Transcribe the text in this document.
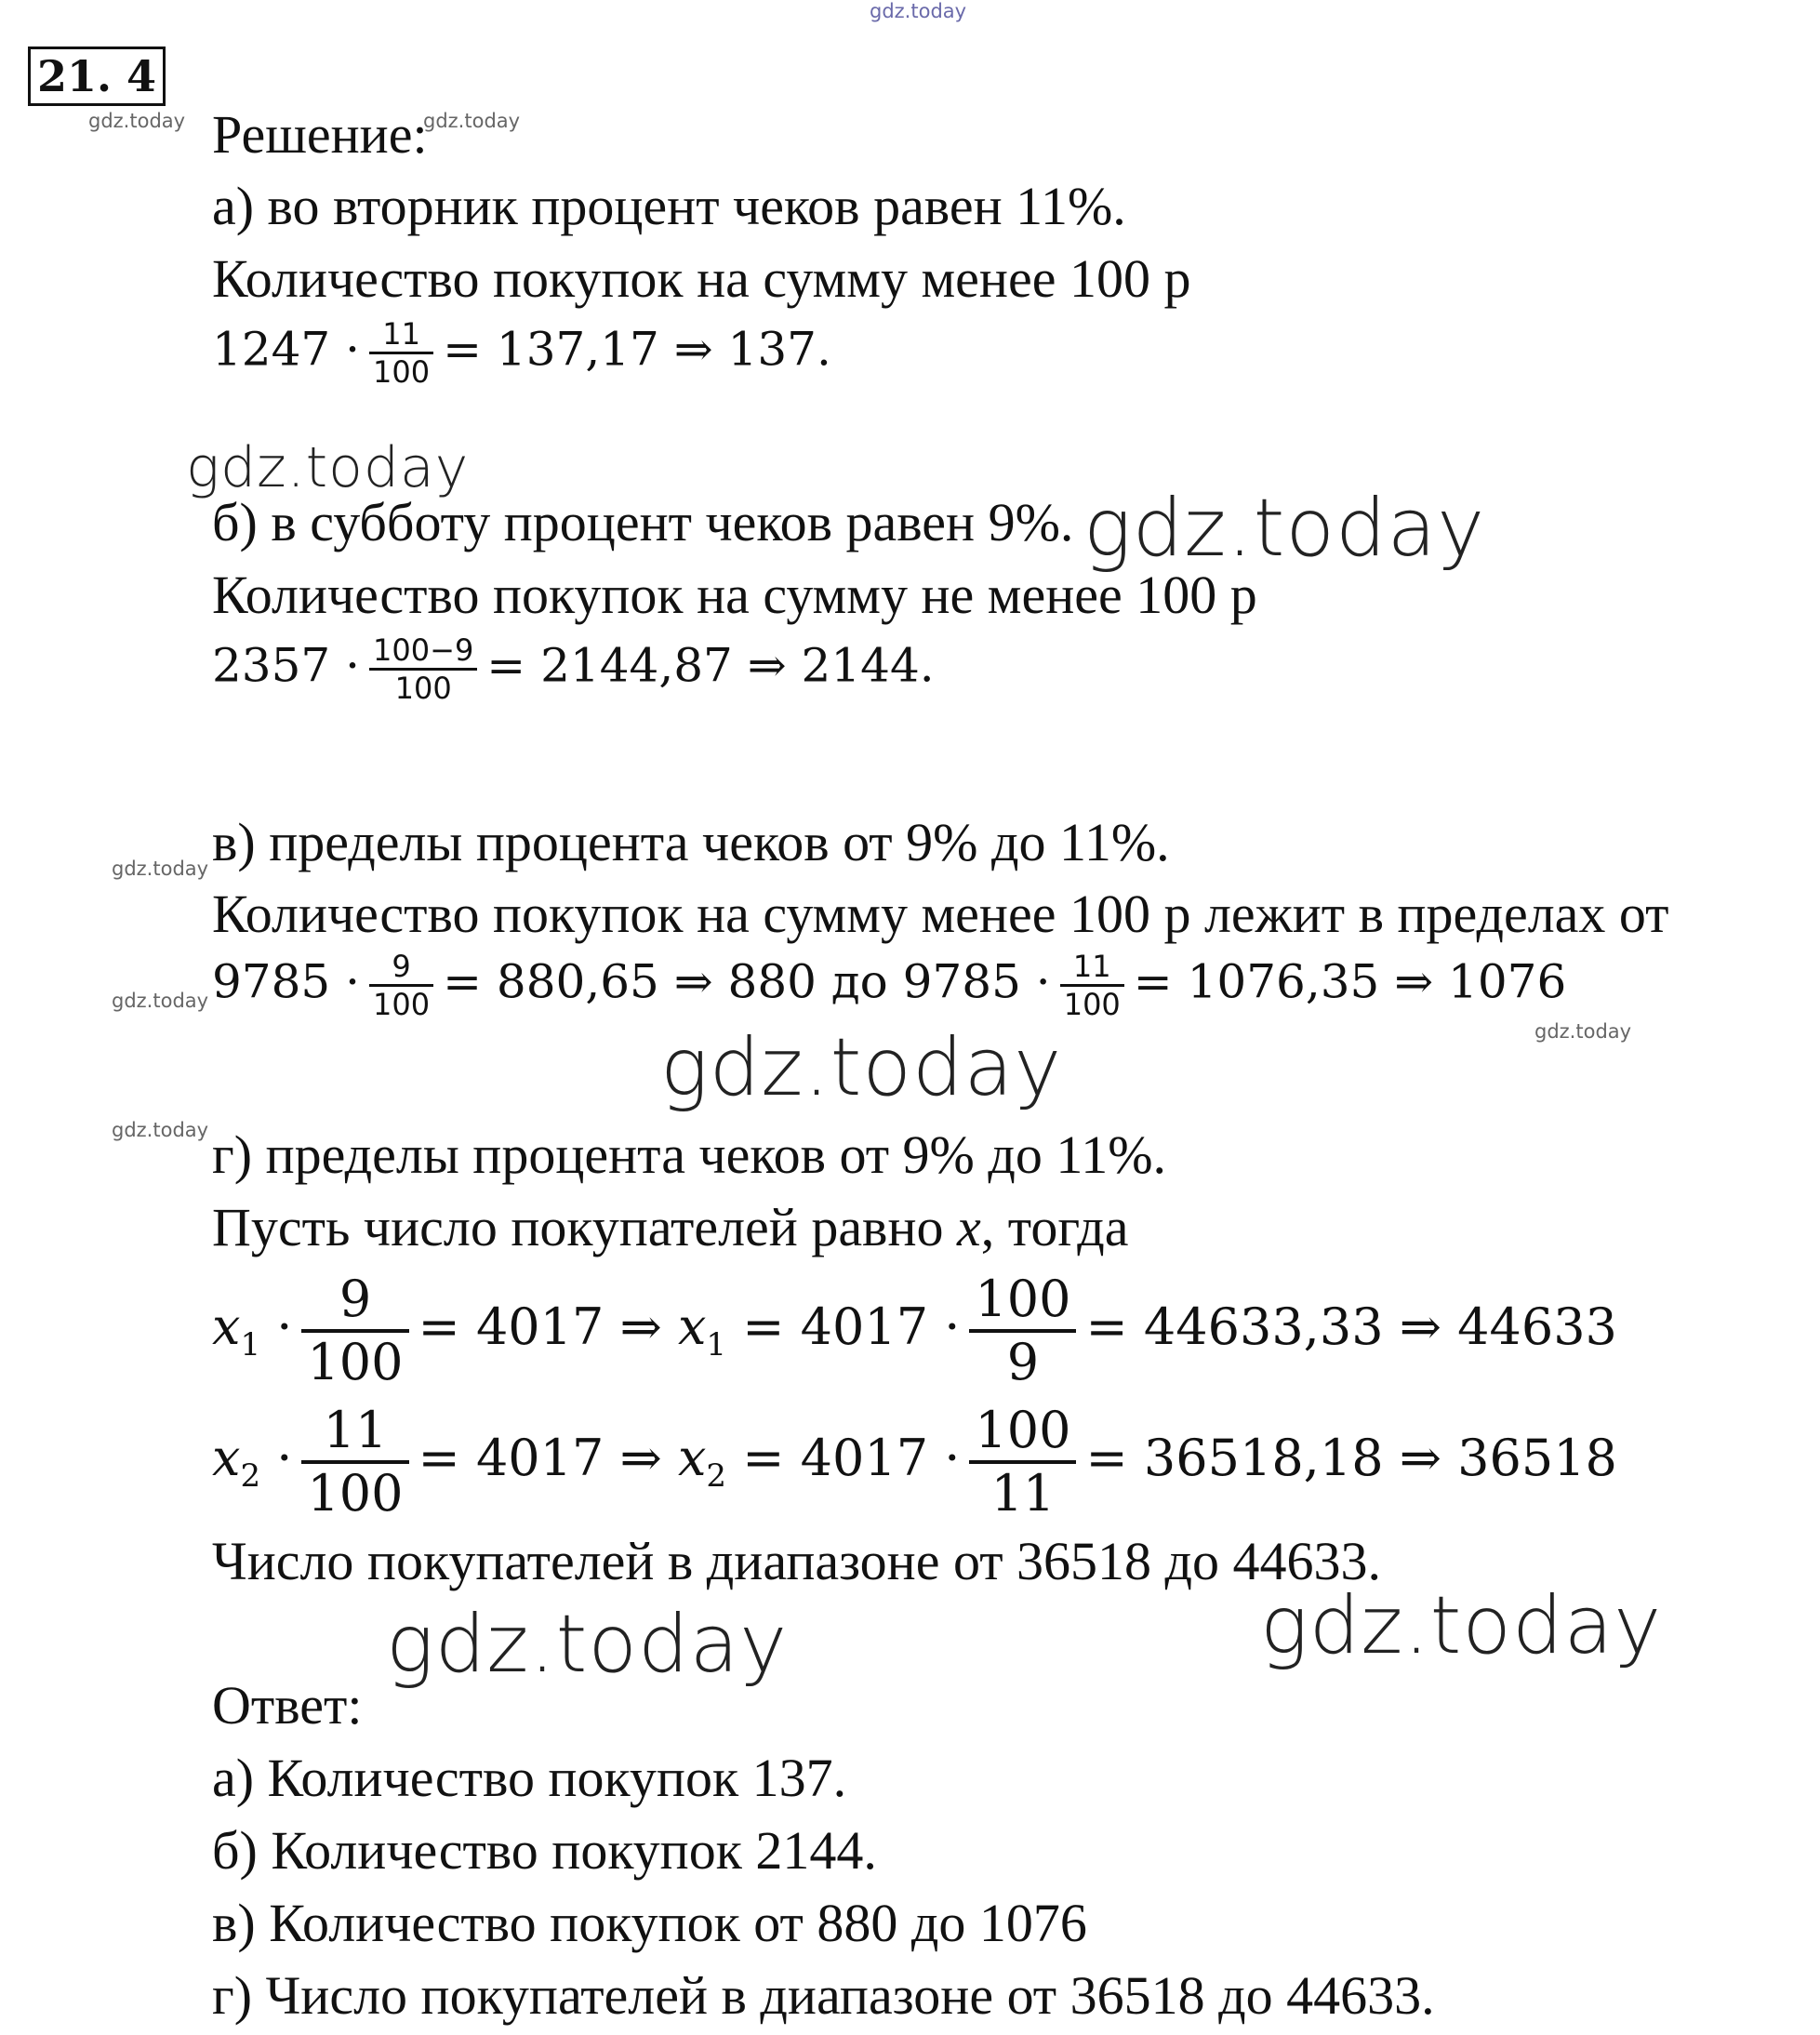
gdz.today
gdz.today	gdz.today
gdz.today
gdz.today
gdz.today
gdz.today
gdz.today
gdz.today
gdz.today
gdz.today	gdz.today
21. 4
Решение:
а) во вторник процент чеков равен 11%.
Количество покупок на сумму менее 100 р
$1247 \cdot \frac{11}{100} = 137,17$ ⇒ 137.
б) в субботу процент чеков равен 9%.
Количество покупок на сумму не менее 100 р
$2357 \cdot \frac{100-9}{100} = 2144,87$ ⇒ 2144.
в) пределы процента чеков от 9% до 11%.
Количество покупок на сумму менее 100 р лежит в пределах от
$9785 \cdot \frac{9}{100} = 880,65$ ⇒ 880 до $9785 \cdot \frac{11}{100} = 1076,35$ ⇒ 1076
г) пределы процента чеков от 9% до 11%.
Пусть число покупателей равно x, тогда
$x_1 \cdot \frac{9}{100} = 4017$ ⇒ $x_1 = 4017 \cdot \frac{100}{9} = 44633,33$ ⇒ 44633
$x_2 \cdot \frac{11}{100} = 4017$ ⇒ $x_2 = 4017 \cdot \frac{100}{11} = 36518,18$ ⇒ 36518
Число покупателей в диапазоне от 36518 до 44633.
Ответ:
а) Количество покупок 137.
б) Количество покупок 2144.
в) Количество покупок от 880 до 1076
г) Число покупателей в диапазоне от 36518 до 44633.
